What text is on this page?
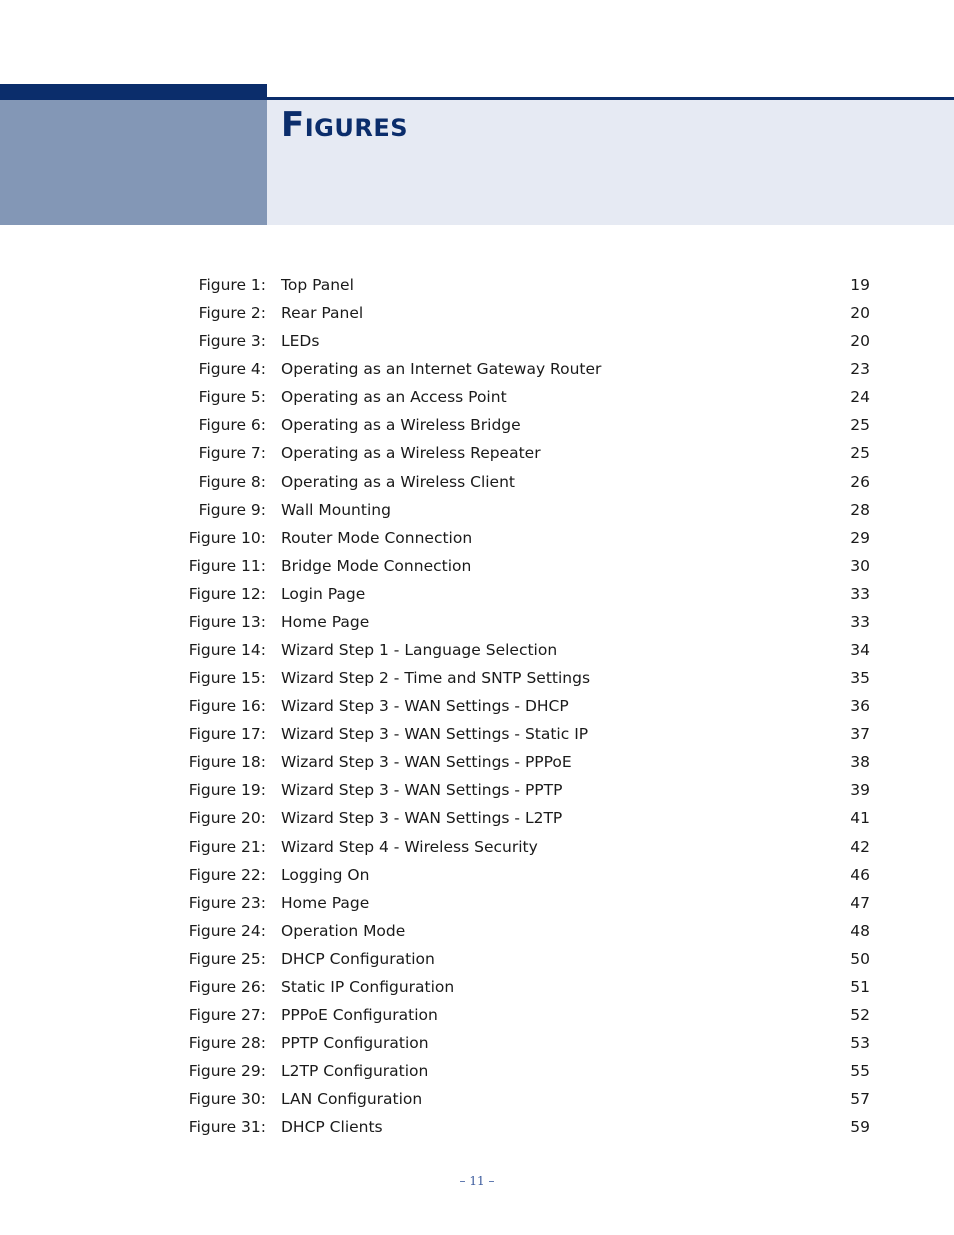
Figures
Figure 1: Top Panel	19
Figure 2: Rear Panel	20
Figure 3: LEDs	20
Figure 4: Operating as an Internet Gateway Router	23
Figure 5: Operating as an Access Point	24
Figure 6: Operating as a Wireless Bridge	25
Figure 7: Operating as a Wireless Repeater	25
Figure 8: Operating as a Wireless Client	26
Figure 9: Wall Mounting	28
Figure 10: Router Mode Connection	29
Figure 11: Bridge Mode Connection	30
Figure 12: Login Page	33
Figure 13: Home Page	33
Figure 14: Wizard Step 1 - Language Selection	34
Figure 15: Wizard Step 2 - Time and SNTP Settings	35
Figure 16: Wizard Step 3 - WAN Settings - DHCP	36
Figure 17: Wizard Step 3 - WAN Settings - Static IP	37
Figure 18: Wizard Step 3 - WAN Settings - PPPoE	38
Figure 19: Wizard Step 3 - WAN Settings - PPTP	39
Figure 20: Wizard Step 3 - WAN Settings - L2TP	41
Figure 21: Wizard Step 4 - Wireless Security	42
Figure 22: Logging On	46
Figure 23: Home Page	47
Figure 24: Operation Mode	48
Figure 25: DHCP Configuration	50
Figure 26: Static IP Configuration	51
Figure 27: PPPoE Configuration	52
Figure 28: PPTP Configuration	53
Figure 29: L2TP Configuration	55
Figure 30: LAN Configuration	57
Figure 31: DHCP Clients	59
– 11 –
